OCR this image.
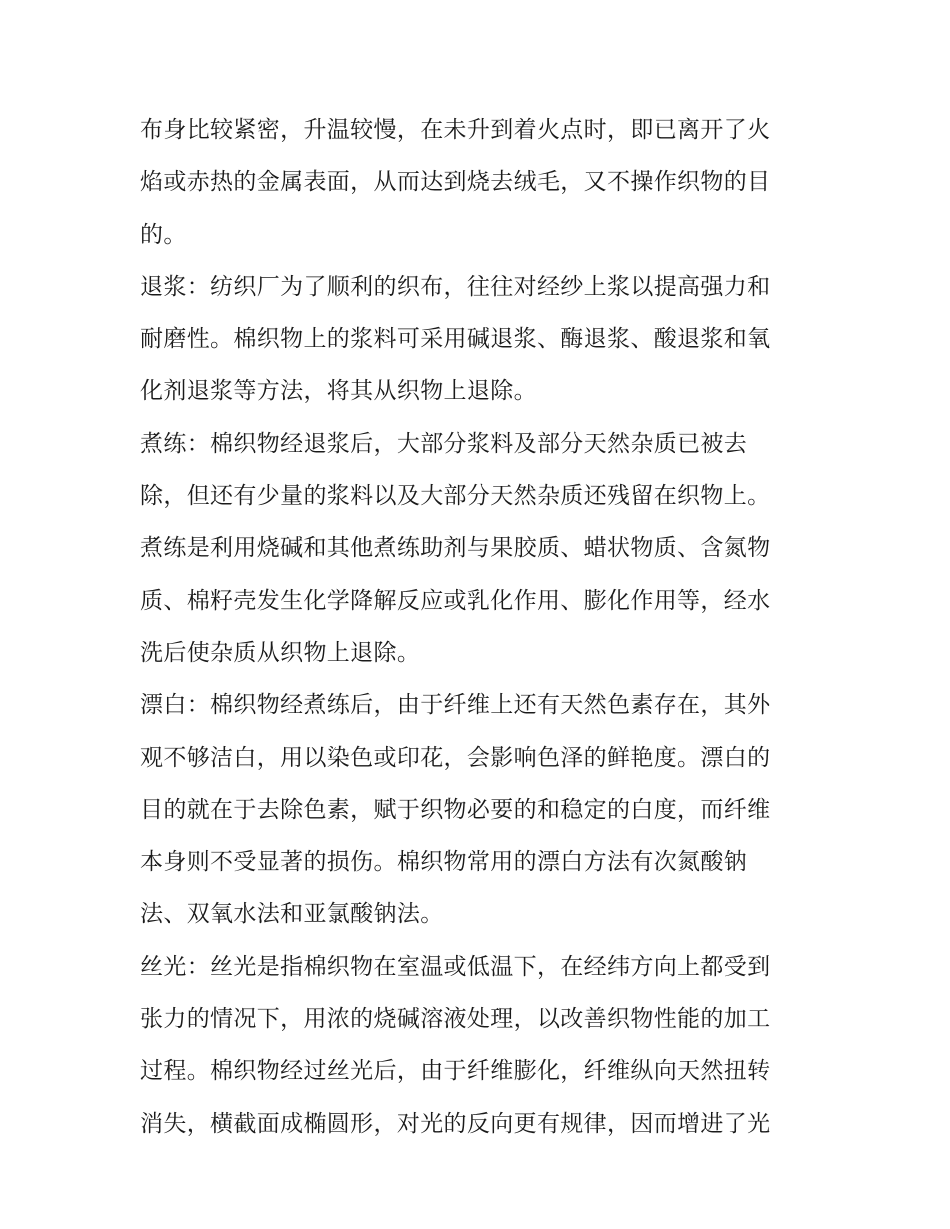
布身比较紧密，升温较慢，在未升到着火点时，即已离开了火
焰或赤热的金属表面，从而达到烧去绒毛，又不操作织物的目
的。
退浆：纺织厂为了顺利的织布，往往对经纱上浆以提高强力和
耐磨性。棉织物上的浆料可采用碱退浆、酶退浆、酸退浆和氧
化剂退浆等方法，将其从织物上退除。
煮练：棉织物经退浆后，大部分浆料及部分天然杂质已被去
除，但还有少量的浆料以及大部分天然杂质还残留在织物上。
煮练是利用烧碱和其他煮练助剂与果胶质、蜡状物质、含氮物
质、棉籽壳发生化学降解反应或乳化作用、膨化作用等，经水
洗后使杂质从织物上退除。
漂白：棉织物经煮练后，由于纤维上还有天然色素存在，其外
观不够洁白，用以染色或印花，会影响色泽的鲜艳度。漂白的
目的就在于去除色素，赋于织物必要的和稳定的白度，而纤维
本身则不受显著的损伤。棉织物常用的漂白方法有次氮酸钠
法、双氧水法和亚氯酸钠法。
丝光：丝光是指棉织物在室温或低温下，在经纬方向上都受到
张力的情况下，用浓的烧碱溶液处理，以改善织物性能的加工
过程。棉织物经过丝光后，由于纤维膨化，纤维纵向天然扭转
消失，横截面成椭圆形，对光的反向更有规律，因而增进了光
